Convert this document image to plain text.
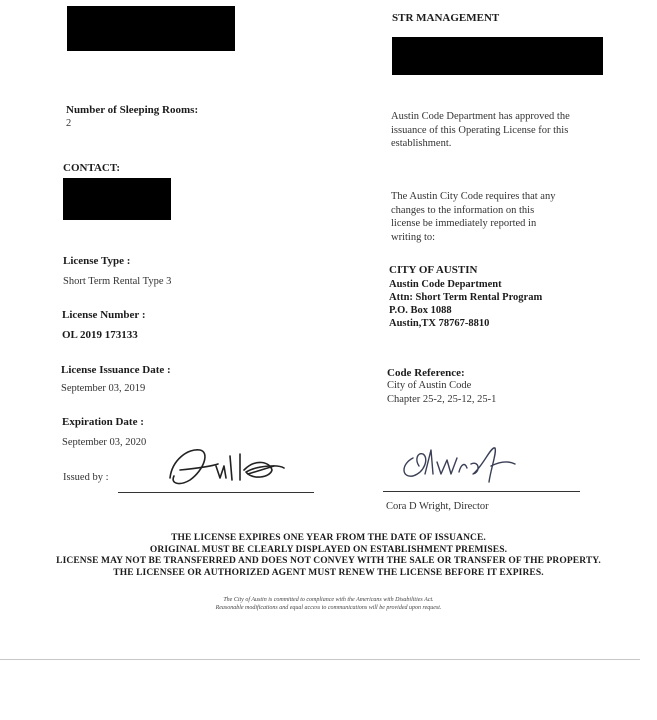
STR MANAGEMENT
Number of Sleeping Rooms:
2
CONTACT:
License Type :
Short Term Rental Type 3
License Number :
OL 2019 173133
License Issuance Date :
September 03, 2019
Expiration Date :
September 03, 2020
Issued by :
Austin Code Department has approved the
issuance of this Operating License for this
establishment.
The Austin City Code requires that any
changes to the information on this
license be immediately reported in
writing to:
CITY OF AUSTIN
Austin Code Department
Attn: Short Term Rental Program
P.O. Box 1088
Austin,TX 78767-8810
Code Reference:
City of Austin Code
Chapter 25-2, 25-12, 25-1
Cora D Wright, Director
THE LICENSE EXPIRES ONE YEAR FROM THE DATE OF ISSUANCE.
ORIGINAL MUST BE CLEARLY DISPLAYED ON ESTABLISHMENT PREMISES.
LICENSE MAY NOT BE TRANSFERRED AND DOES NOT CONVEY WITH THE SALE OR TRANSFER OF THE PROPERTY.
THE LICENSEE OR AUTHORIZED AGENT MUST RENEW THE LICENSE BEFORE IT EXPIRES.
The City of Austin is committed to compliance with the Americans with Disabilities Act.
Reasonable modifications and equal access to communications will be provided upon request.
